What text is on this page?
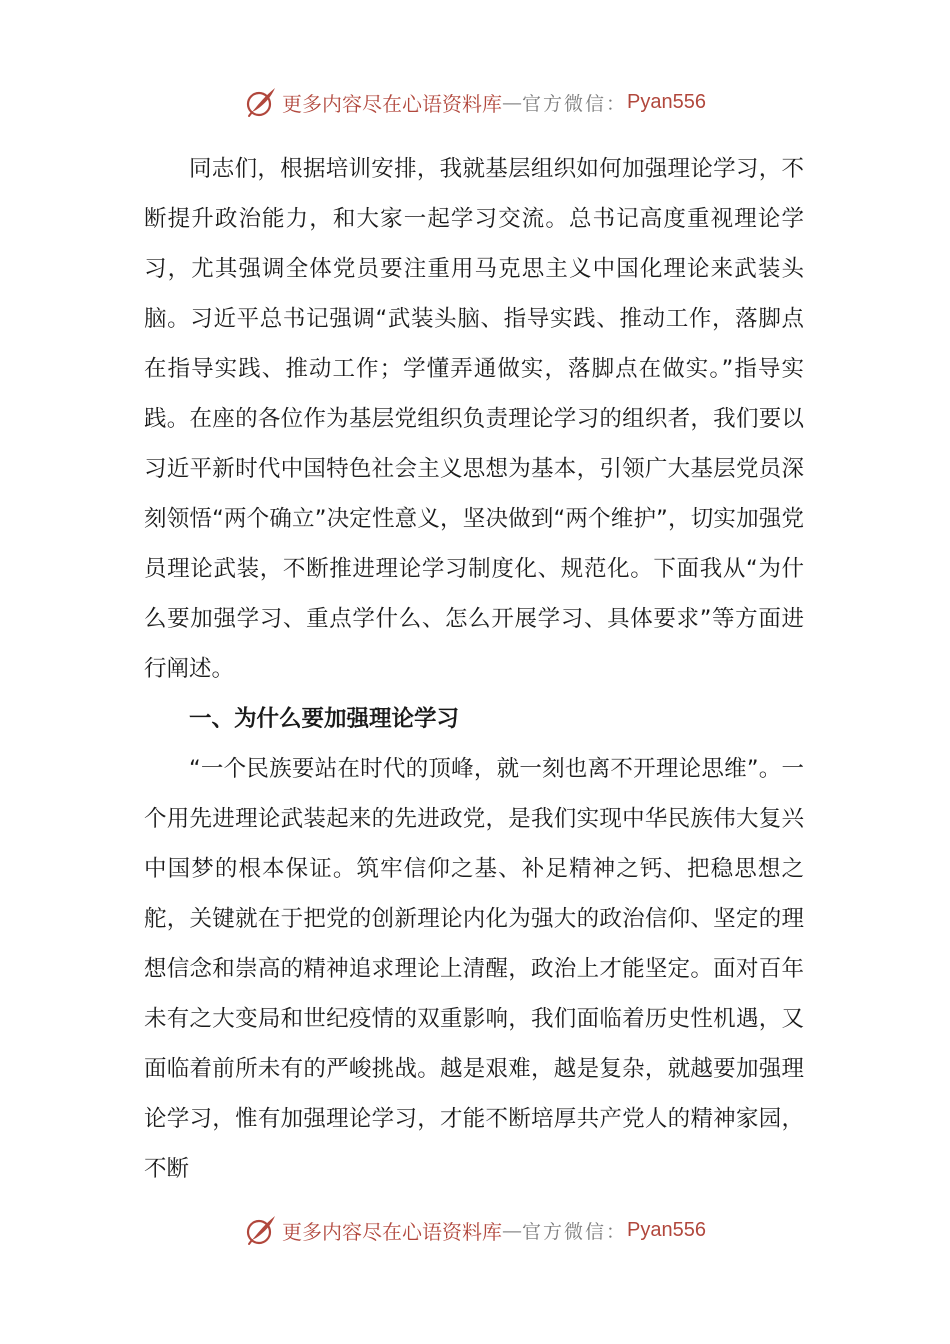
更多内容尽在心语资料库 — 官方微信： Pyan556

同志们，根据培训安排，我就基层组织如何加强理论学习，不断提升政治能力，和大家一起学习交流。总书记高度重视理论学习，尤其强调全体党员要注重用马克思主义中国化理论来武装头脑。习近平总书记强调“武装头脑、指导实践、推动工作，落脚点在指导实践、推动工作；学懂弄通做实，落脚点在做实。”指导实践。在座的各位作为基层党组织负责理论学习的组织者，我们要以习近平新时代中国特色社会主义思想为基本，引领广大基层党员深刻领悟“两个确立”决定性意义，坚决做到“两个维护”，切实加强党员理论武装，不断推进理论学习制度化、规范化。下面我从“为什么要加强学习、重点学什么、怎么开展学习、具体要求”等方面进行阐述。

一、为什么要加强理论学习

“一个民族要站在时代的顶峰，就一刻也离不开理论思维”。一个用先进理论武装起来的先进政党，是我们实现中华民族伟大复兴中国梦的根本保证。筑牢信仰之基、补足精神之钙、把稳思想之舵，关键就在于把党的创新理论内化为强大的政治信仰、坚定的理想信念和崇高的精神追求理论上清醒，政治上才能坚定。面对百年未有之大变局和世纪疫情的双重影响，我们面临着历史性机遇，又面临着前所未有的严峻挑战。越是艰难，越是复杂，就越要加强理论学习，惟有加强理论学习，才能不断培厚共产党人的精神家园，不断

更多内容尽在心语资料库 — 官方微信： Pyan556
